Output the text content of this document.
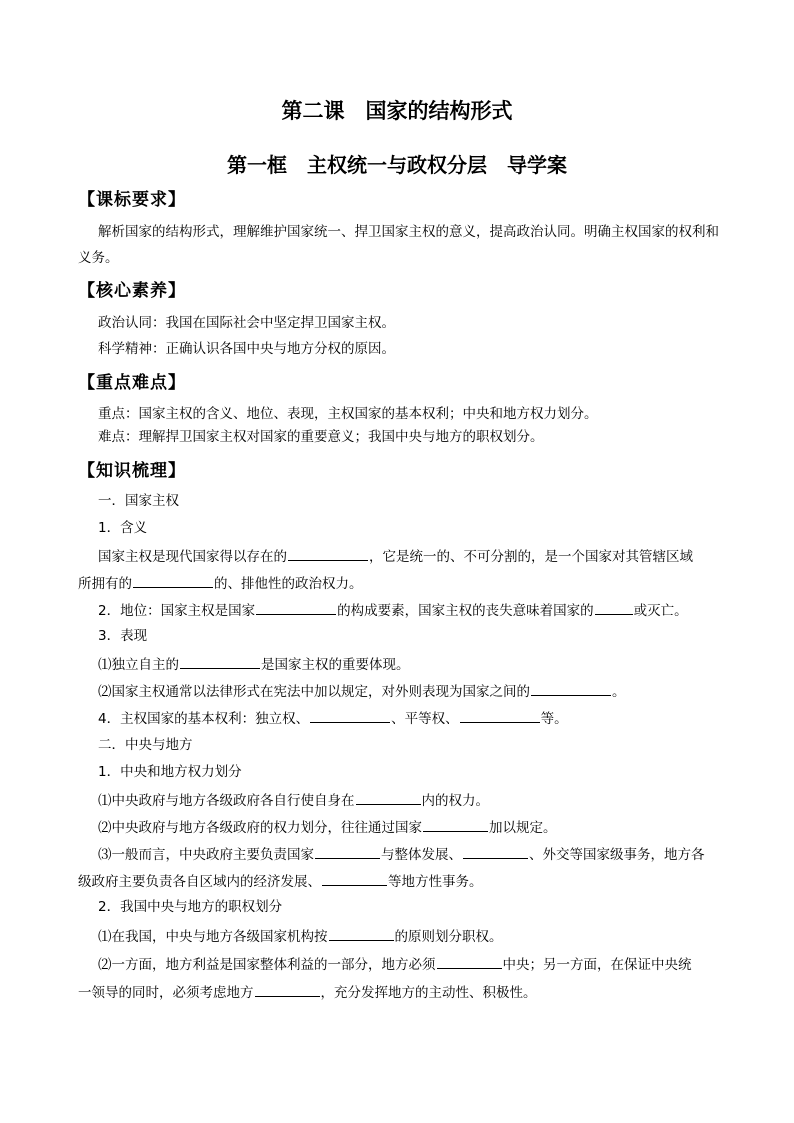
第二课　国家的结构形式
第一框　主权统一与政权分层　导学案
【课标要求】
解析国家的结构形式，理解维护国家统一、捍卫国家主权的意义，提高政治认同。明确主权国家的权利和义务。
【核心素养】
政治认同：我国在国际社会中坚定捍卫国家主权。
科学精神：正确认识各国中央与地方分权的原因。
【重点难点】
重点：国家主权的含义、地位、表现，主权国家的基本权利；中央和地方权力划分。
难点：理解捍卫国家主权对国家的重要意义；我国中央与地方的职权划分。
【知识梳理】
一．国家主权
1．含义
国家主权是现代国家得以存在的	，它是统一的、不可分割的，是一个国家对其管辖区域
所拥有的	的、排他性的政治权力。
2．地位：国家主权是国家	的构成要素，国家主权的丧失意味着国家的	或灭亡。
3．表现
⑴独立自主的	是国家主权的重要体现。
⑵国家主权通常以法律形式在宪法中加以规定，对外则表现为国家之间的	。
4．主权国家的基本权利：独立权、	、平等权、	等。
二．中央与地方
1．中央和地方权力划分
⑴中央政府与地方各级政府各自行使自身在	内的权力。
⑵中央政府与地方各级政府的权力划分，往往通过国家	加以规定。
⑶一般而言，中央政府主要负责国家	与整体发展、	、外交等国家级事务，地方各
级政府主要负责各自区域内的经济发展、	等地方性事务。
2．我国中央与地方的职权划分
⑴在我国，中央与地方各级国家机构按	的原则划分职权。
⑵一方面，地方利益是国家整体利益的一部分，地方必须	中央；另一方面，在保证中央统
一领导的同时，必须考虑地方	，充分发挥地方的主动性、积极性。
